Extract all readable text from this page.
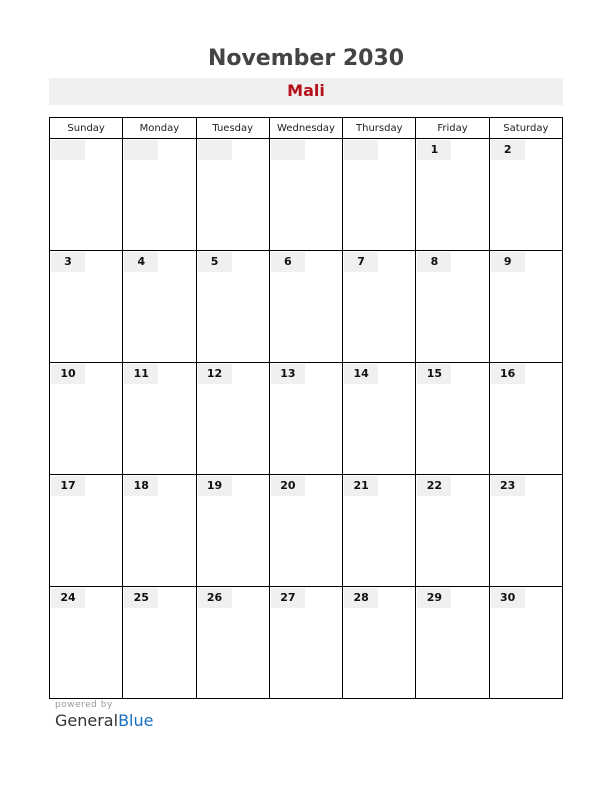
November 2030
Mali
Sunday	Monday	Tuesday	Wednesday	Thursday	Friday	Saturday

					1	2

3	4	5	6	7	8	9

10	11	12	13	14	15	16

17	18	19	20	21	22	23

24	25	26	27	28	29	30
powered by
GeneralBlue
